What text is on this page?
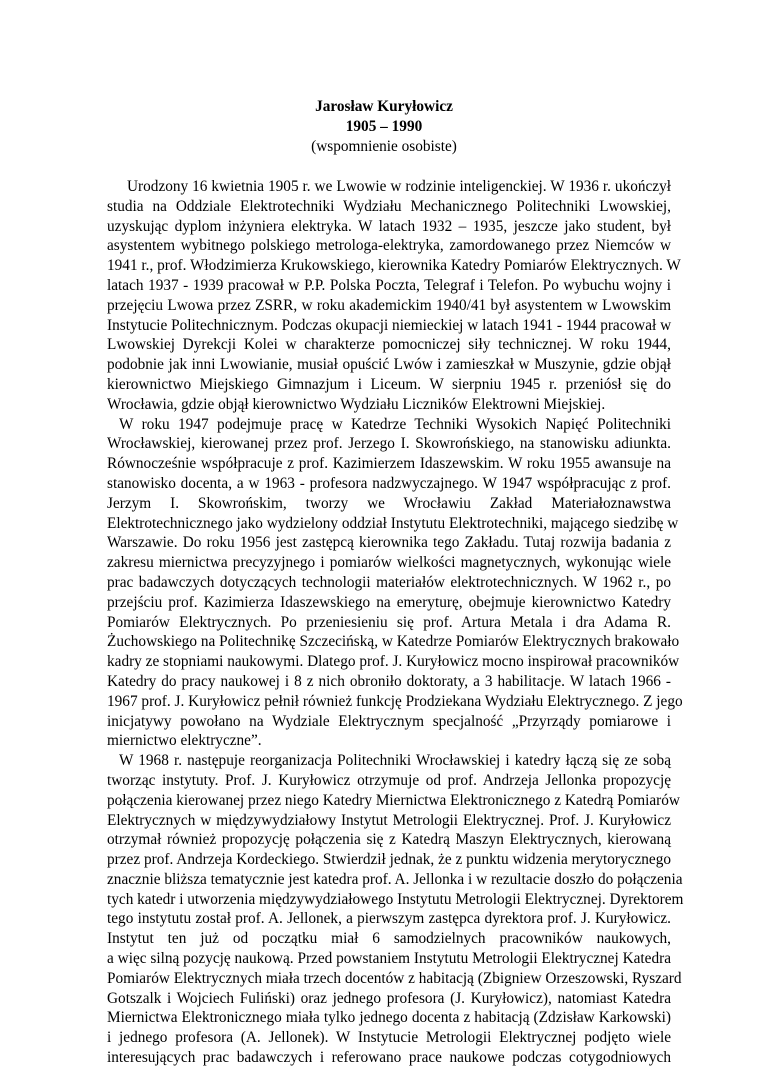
Jarosław Kuryłowicz
1905 – 1990
(wspomnienie osobiste)
Urodzony 16 kwietnia 1905 r. we Lwowie w rodzinie inteligenckiej. W 1936 r. ukończył
studia na Oddziale Elektrotechniki Wydziału Mechanicznego Politechniki Lwowskiej,
uzyskując dyplom inżyniera elektryka. W latach 1932 – 1935, jeszcze jako student, był
asystentem wybitnego polskiego metrologa-elektryka, zamordowanego przez Niemców w
1941 r., prof. Włodzimierza Krukowskiego, kierownika Katedry Pomiarów Elektrycznych. W
latach 1937 - 1939 pracował w P.P. Polska Poczta, Telegraf i Telefon. Po wybuchu wojny i
przejęciu Lwowa przez ZSRR, w roku akademickim 1940/41 był asystentem w Lwowskim
Instytucie Politechnicznym. Podczas okupacji niemieckiej w latach 1941 - 1944 pracował w
Lwowskiej Dyrekcji Kolei w charakterze pomocniczej siły technicznej. W roku 1944,
podobnie jak inni Lwowianie, musiał opuścić Lwów i zamieszkał w Muszynie, gdzie objął
kierownictwo Miejskiego Gimnazjum i Liceum. W sierpniu 1945 r. przeniósł się do
Wrocławia, gdzie objął kierownictwo Wydziału Liczników Elektrowni Miejskiej.
W roku 1947 podejmuje pracę w Katedrze Techniki Wysokich Napięć Politechniki
Wrocławskiej, kierowanej przez prof. Jerzego I. Skowrońskiego, na stanowisku adiunkta.
Równocześnie współpracuje z prof. Kazimierzem Idaszewskim. W roku 1955 awansuje na
stanowisko docenta, a w 1963 - profesora nadzwyczajnego. W 1947 współpracując z prof.
Jerzym I. Skowrońskim, tworzy we Wrocławiu Zakład Materiałoznawstwa
Elektrotechnicznego jako wydzielony oddział Instytutu Elektrotechniki, mającego siedzibę w
Warszawie. Do roku 1956 jest zastępcą kierownika tego Zakładu. Tutaj rozwija badania z
zakresu miernictwa precyzyjnego i pomiarów wielkości magnetycznych, wykonując wiele
prac badawczych dotyczących technologii materiałów elektrotechnicznych. W 1962 r., po
przejściu prof. Kazimierza Idaszewskiego na emeryturę, obejmuje kierownictwo Katedry
Pomiarów Elektrycznych. Po przeniesieniu się prof. Artura Metala i dra Adama R.
Żuchowskiego na Politechnikę Szczecińską, w Katedrze Pomiarów Elektrycznych brakowało
kadry ze stopniami naukowymi. Dlatego prof. J. Kuryłowicz mocno inspirował pracowników
Katedry do pracy naukowej i 8 z nich obroniło doktoraty, a 3 habilitacje. W latach 1966 -
1967 prof. J. Kuryłowicz pełnił również funkcję Prodziekana Wydziału Elektrycznego. Z jego
inicjatywy powołano na Wydziale Elektrycznym specjalność „Przyrządy pomiarowe i
miernictwo elektryczne”.
W 1968 r. następuje reorganizacja Politechniki Wrocławskiej i katedry łączą się ze sobą
tworząc instytuty. Prof. J. Kuryłowicz otrzymuje od prof. Andrzeja Jellonka propozycję
połączenia kierowanej przez niego Katedry Miernictwa Elektronicznego z Katedrą Pomiarów
Elektrycznych w międzywydziałowy Instytut Metrologii Elektrycznej. Prof. J. Kuryłowicz
otrzymał również propozycję połączenia się z Katedrą Maszyn Elektrycznych, kierowaną
przez prof. Andrzeja Kordeckiego. Stwierdził jednak, że z punktu widzenia merytorycznego
znacznie bliższa tematycznie jest katedra prof. A. Jellonka i w rezultacie doszło do połączenia
tych katedr i utworzenia międzywydziałowego Instytutu Metrologii Elektrycznej. Dyrektorem
tego instytutu został prof. A. Jellonek, a pierwszym zastępca dyrektora prof. J. Kuryłowicz.
Instytut ten już od początku miał 6 samodzielnych pracowników naukowych,
a więc silną pozycję naukową. Przed powstaniem Instytutu Metrologii Elektrycznej Katedra
Pomiarów Elektrycznych miała trzech docentów z habitacją (Zbigniew Orzeszowski, Ryszard
Gotszalk i Wojciech Fuliński) oraz jednego profesora (J. Kuryłowicz), natomiast Katedra
Miernictwa Elektronicznego miała tylko jednego docenta z habitacją (Zdzisław Karkowski)
i jednego profesora (A. Jellonek). W Instytucie Metrologii Elektrycznej podjęto wiele
interesujących prac badawczych i referowano prace naukowe podczas cotygodniowych
